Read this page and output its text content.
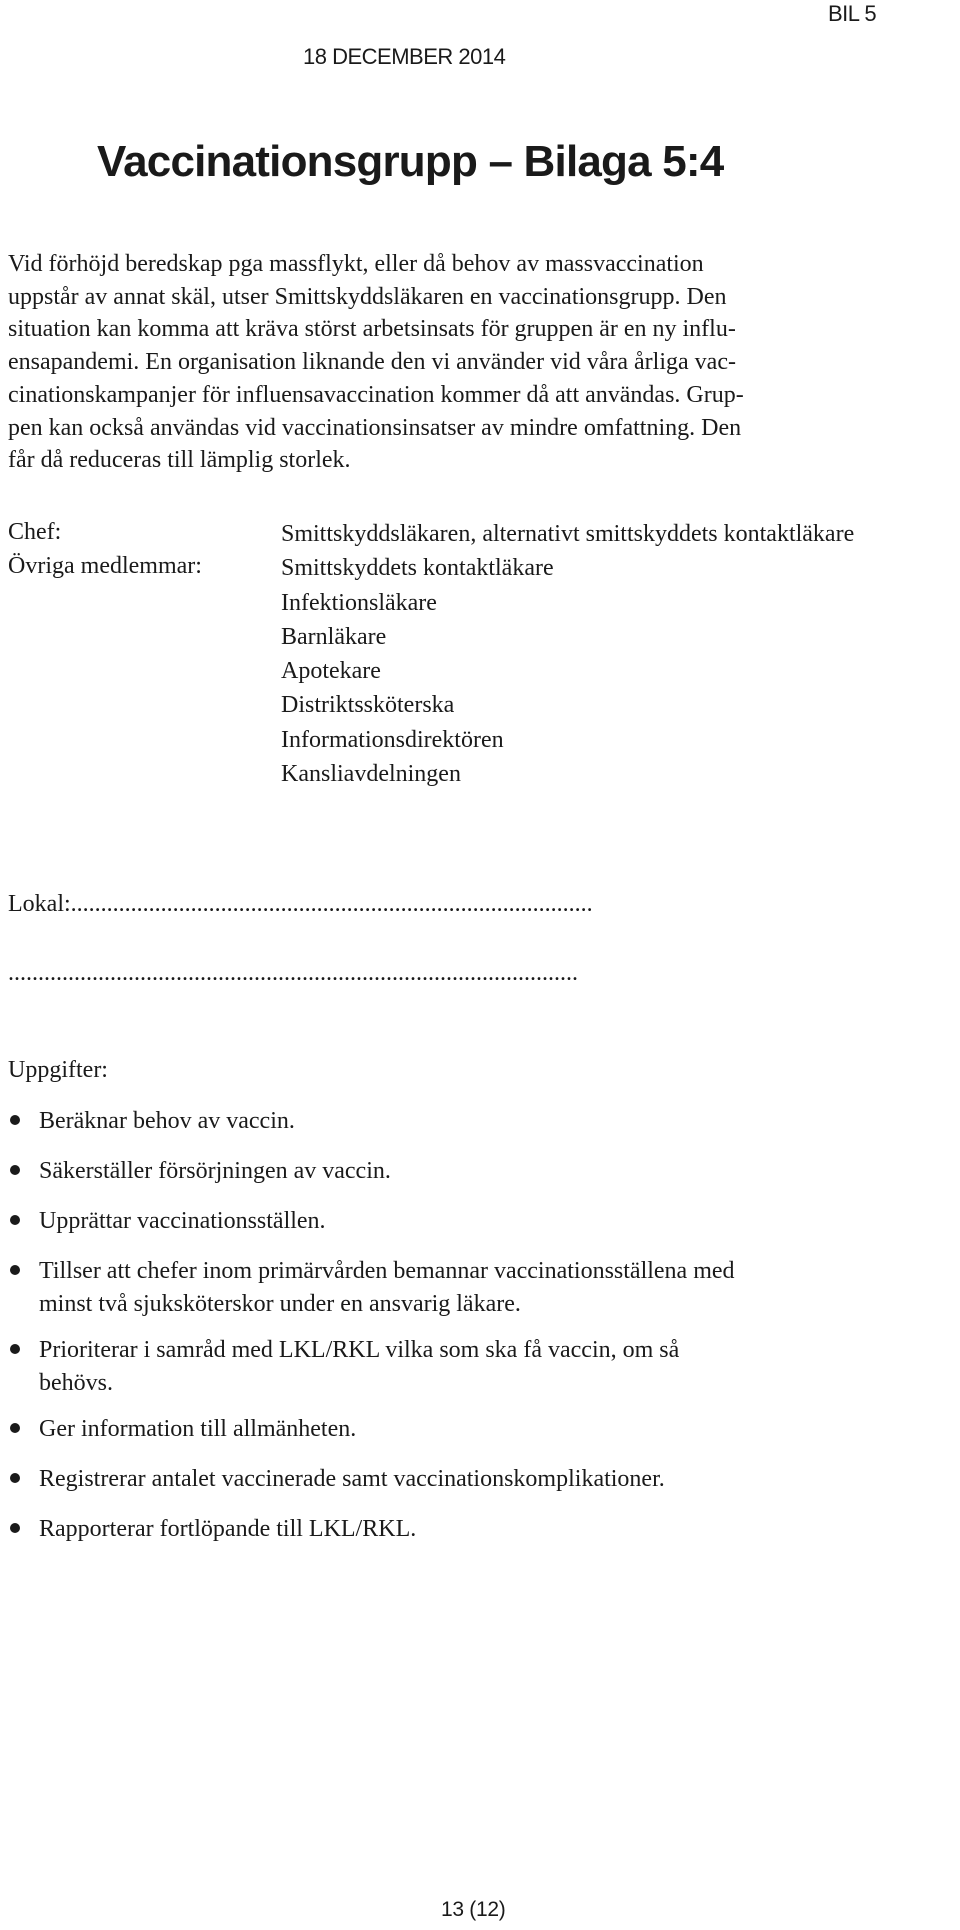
BIL 5
18 DECEMBER 2014
Vaccinationsgrupp – Bilaga 5:4
Vid förhöjd beredskap pga massflykt, eller då behov av massvaccination
uppstår av annat skäl, utser Smittskyddsläkaren en vaccinationsgrupp. Den
situation kan komma att kräva störst arbetsinsats för gruppen är en ny influ-
ensapandemi. En organisation liknande den vi använder vid våra årliga vac-
cinationskampanjer för influensavaccination kommer då att användas. Grup-
pen kan också användas vid vaccinationsinsatser av mindre omfattning. Den
får då reduceras till lämplig storlek.
Chef:
Övriga medlemmar:
Smittskyddsläkaren, alternativt smittskyddets kontaktläkare
Smittskyddets kontaktläkare
Infektionsläkare
Barnläkare
Apotekare
Distriktssköterska
Informationsdirektören
Kansliavdelningen
Lokal:.......................................................................................
...............................................................................................
Uppgifter:
Beräknar behov av vaccin.
Säkerställer försörjningen av vaccin.
Upprättar vaccinationsställen.
Tillser att chefer inom primärvården bemannar vaccinationsställena med
minst två sjuksköterskor under en ansvarig läkare.
Prioriterar i samråd med LKL/RKL vilka som ska få vaccin, om så
behövs.
Ger information till allmänheten.
Registrerar antalet vaccinerade samt vaccinationskomplikationer.
Rapporterar fortlöpande till LKL/RKL.
13 (12)
